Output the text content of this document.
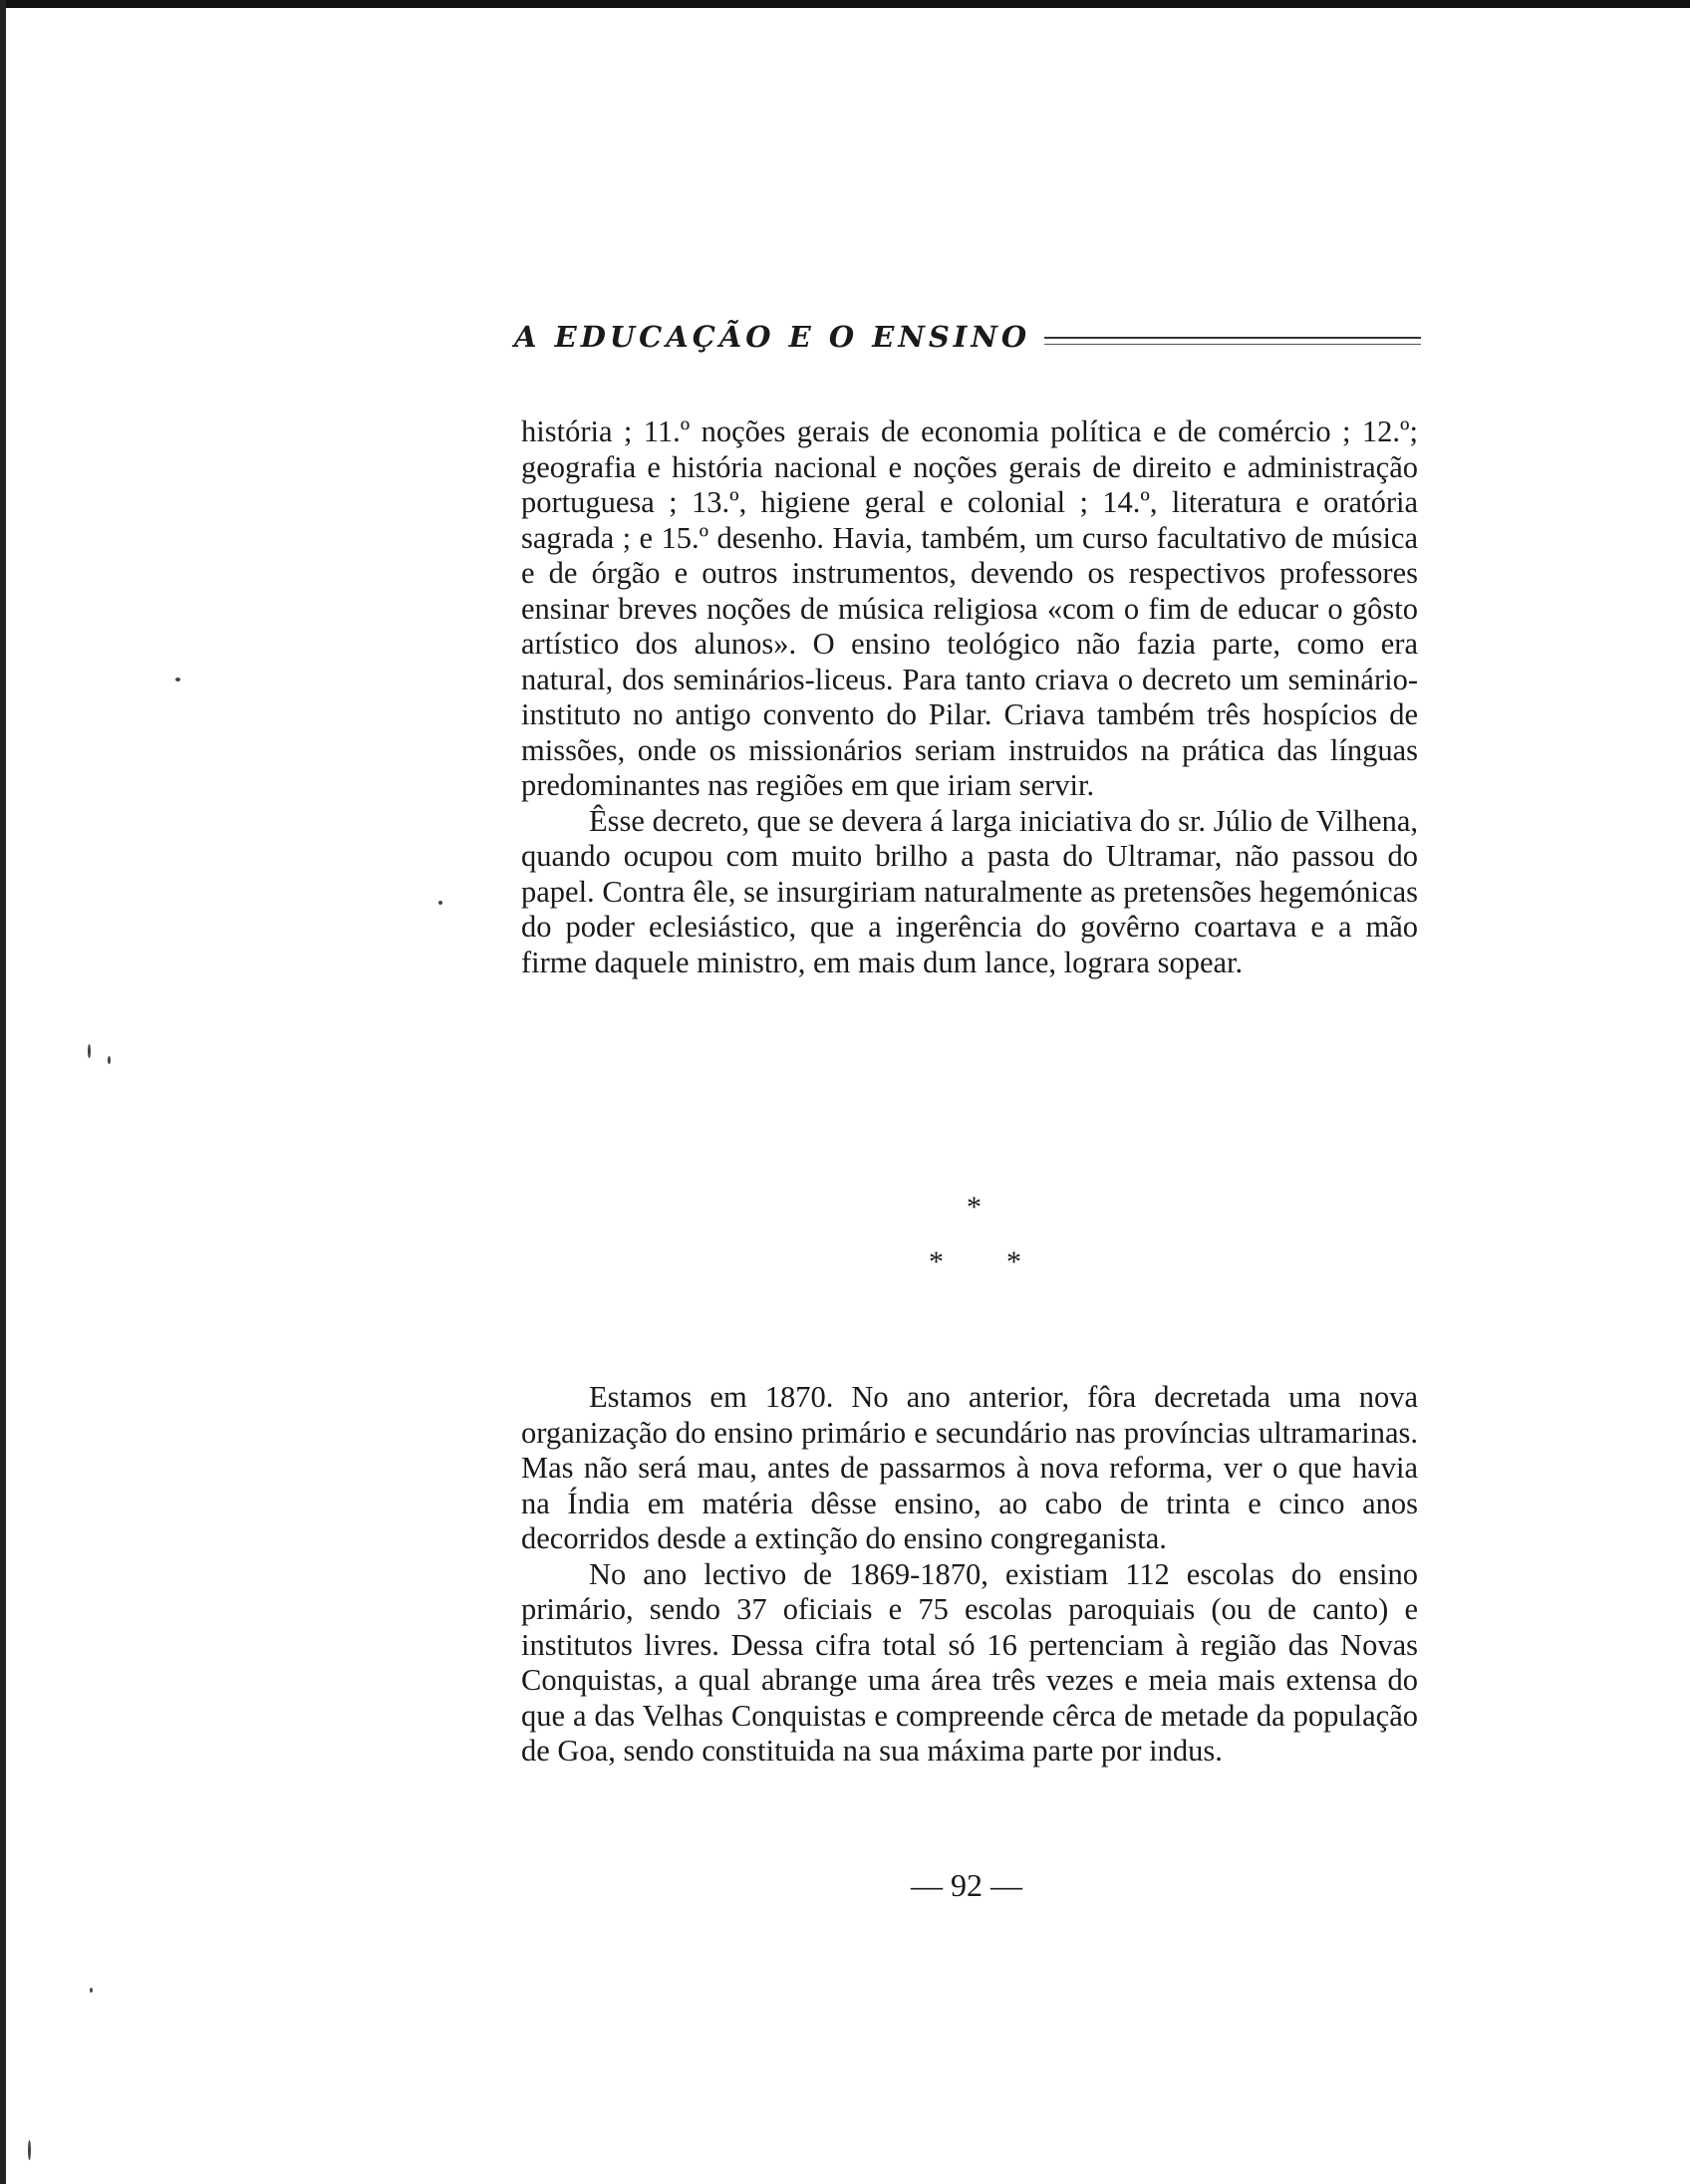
A EDUCAÇÃO E O ENSINO

história ; 11.º noções gerais de economia política e de comércio ; 12.º; geografia e história nacional e noções gerais de direito e administração portuguesa ; 13.º, higiene geral e colonial ; 14.º, literatura e oratória sagrada ; e 15.º desenho. Havia, também, um curso facultativo de música e de órgão e outros instrumentos, devendo os respectivos professores ensinar breves noções de música religiosa «com o fim de educar o gôsto artístico dos alunos». O ensino teológico não fazia parte, como era natural, dos seminários-liceus. Para tanto criava o decreto um seminário-instituto no antigo convento do Pilar. Criava também três hospícios de missões, onde os missionários seriam instruidos na prática das línguas predominantes nas regiões em que iriam servir.

Êsse decreto, que se devera á larga iniciativa do sr. Júlio de Vilhena, quando ocupou com muito brilho a pasta do Ultramar, não passou do papel. Contra êle, se insurgiriam naturalmente as pretensões hegemónicas do poder eclesiástico, que a ingerência do govêrno coartava e a mão firme daquele ministro, em mais dum lance, lograra sopear.

*
* *

Estamos em 1870. No ano anterior, fôra decretada uma nova organização do ensino primário e secundário nas províncias ultramarinas. Mas não será mau, antes de passarmos à nova reforma, ver o que havia na Índia em matéria dêsse ensino, ao cabo de trinta e cinco anos decorridos desde a extinção do ensino congreganista.

No ano lectivo de 1869-1870, existiam 112 escolas do ensino primário, sendo 37 oficiais e 75 escolas paroquiais (ou de canto) e institutos livres. Dessa cifra total só 16 pertenciam à região das Novas Conquistas, a qual abrange uma área três vezes e meia mais extensa do que a das Velhas Conquistas e compreende cêrca de metade da população de Goa, sendo constituida na sua máxima parte por indus.

— 92 —
